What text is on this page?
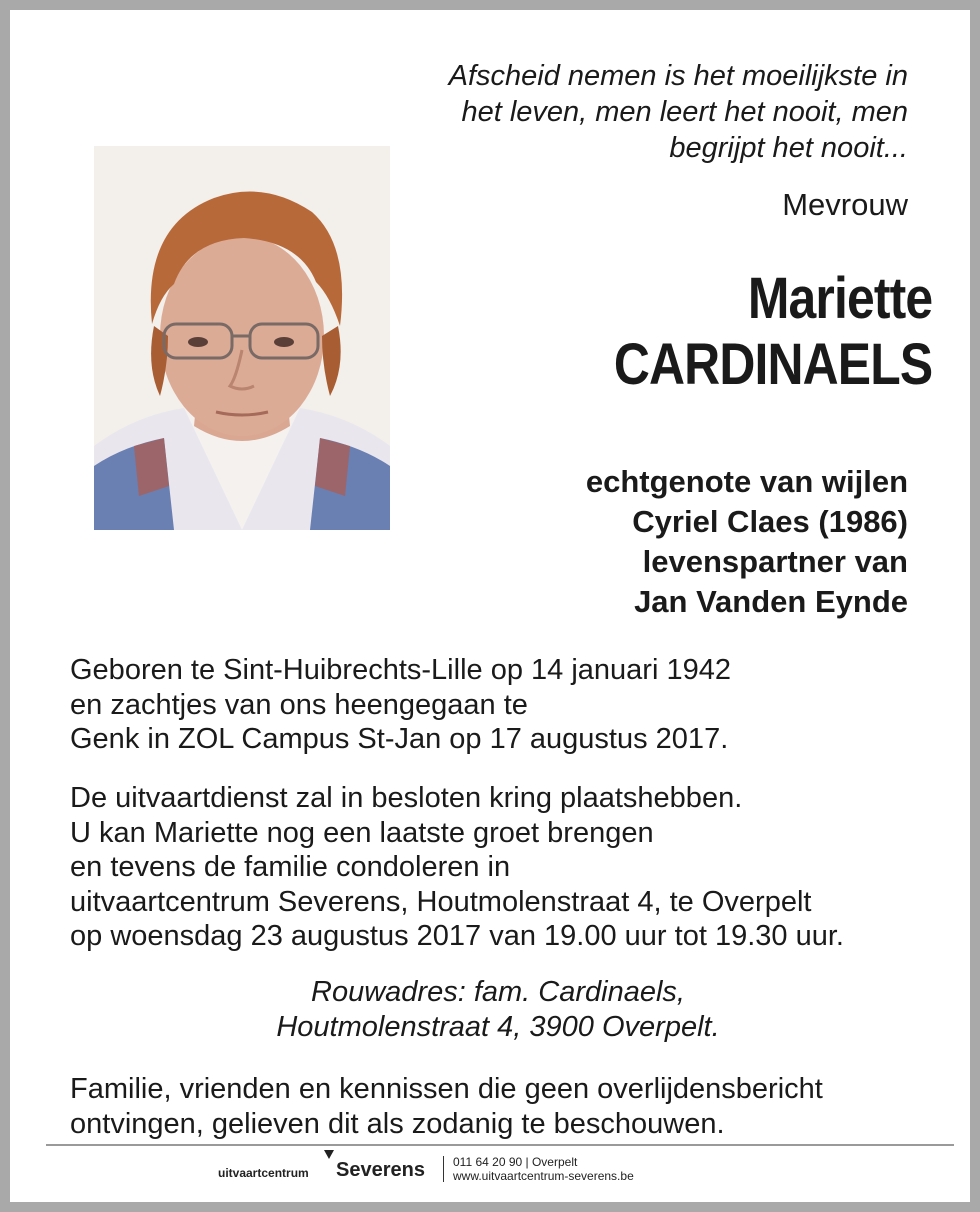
Afscheid nemen is het moeilijkste in
het leven, men leert het nooit, men
begrijpt het nooit...
Mevrouw
Mariette
CARDINAELS
echtgenote van wijlen
Cyriel Claes (1986)
levenspartner van
Jan Vanden Eynde
Geboren te Sint-Huibrechts-Lille op 14 januari 1942
en zachtjes van ons heengegaan te
Genk in ZOL Campus St-Jan op 17 augustus 2017.
De uitvaartdienst zal in besloten kring plaatshebben.
U kan Mariette nog een laatste groet brengen
en tevens de familie condoleren in
uitvaartcentrum Severens, Houtmolenstraat 4, te Overpelt
op woensdag 23 augustus 2017 van 19.00 uur tot 19.30 uur.
Rouwadres: fam. Cardinaels,
Houtmolenstraat 4, 3900 Overpelt.
Familie, vrienden en kennissen die geen overlijdensbericht
ontvingen, gelieven dit als zodanig te beschouwen.
uitvaartcentrum Severens 011 64 20 90 | Overpelt
www.uitvaartcentrum-severens.be
